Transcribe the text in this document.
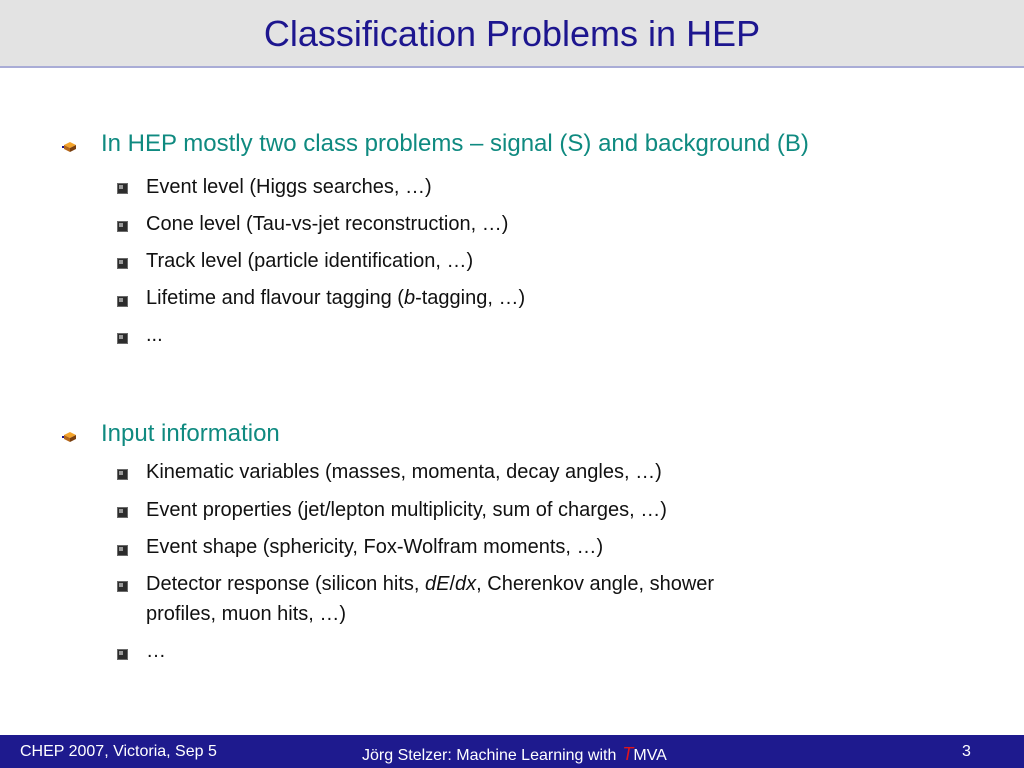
Classification Problems in HEP
In HEP mostly two class problems – signal (S) and background (B)
Event level (Higgs searches, …)
Cone level (Tau-vs-jet reconstruction, …)
Track level (particle identification, …)
Lifetime and flavour tagging (b-tagging, …)
...
Input information
Kinematic variables (masses, momenta, decay angles, …)
Event properties (jet/lepton multiplicity, sum of charges, …)
Event shape (sphericity, Fox-Wolfram moments, …)
Detector response (silicon hits, dE/dx, Cherenkov angle, shower
profiles, muon hits, …)
…
CHEP 2007, Victoria, Sep 5	Jörg Stelzer: Machine Learning with TMVA	3
